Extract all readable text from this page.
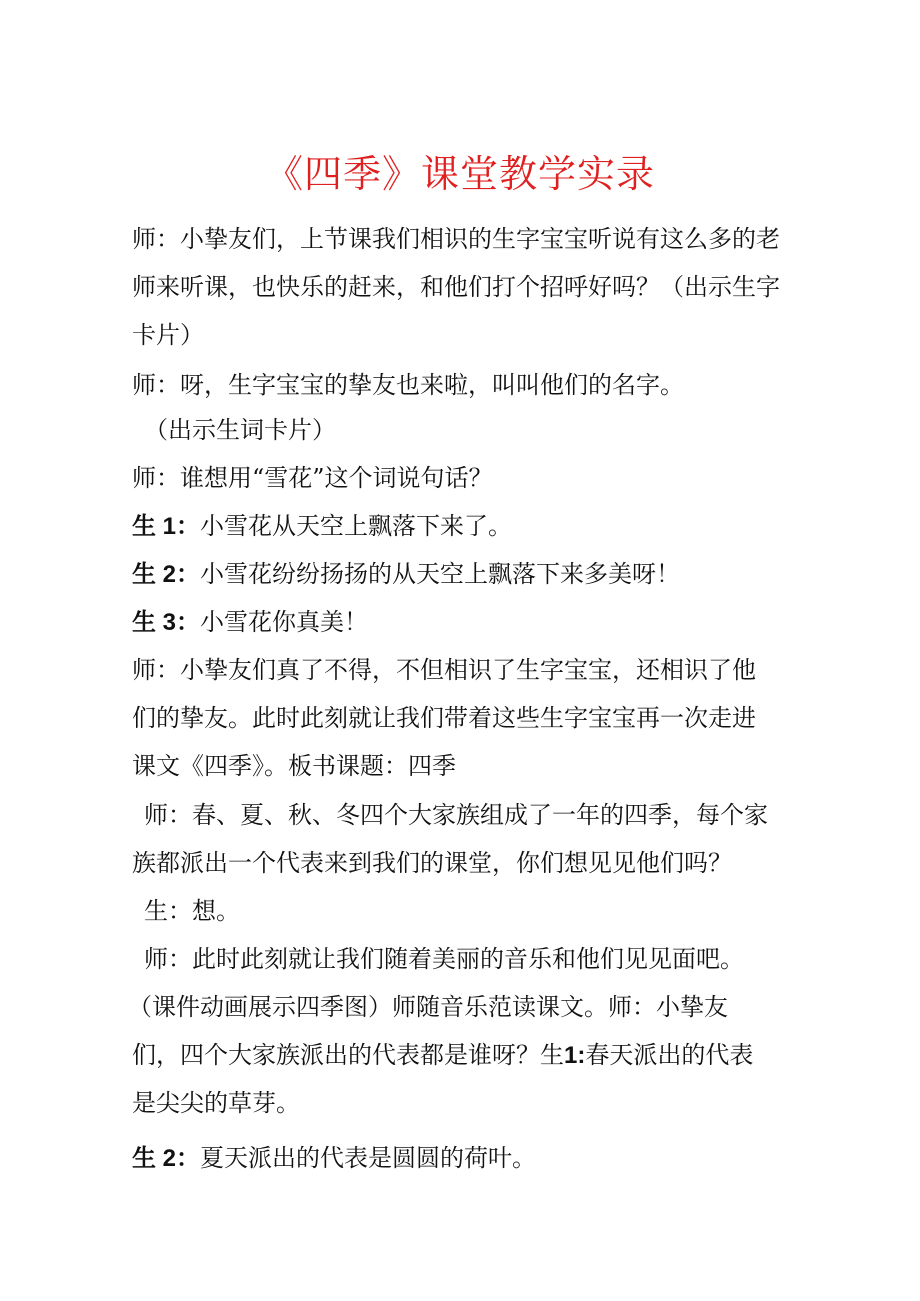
《四季》课堂教学实录
师：小挚友们，上节课我们相识的生字宝宝听说有这么多的老
师来听课，也快乐的赶来，和他们打个招呼好吗？（出示生字
卡片）
师：呀，生字宝宝的挚友也来啦，叫叫他们的名字。
（出示生词卡片）
师：谁想用“雪花”这个词说句话？
生 1：小雪花从天空上飘落下来了。
生 2：小雪花纷纷扬扬的从天空上飘落下来多美呀！
生 3：小雪花你真美！
师：小挚友们真了不得，不但相识了生字宝宝，还相识了他
们的挚友。此时此刻就让我们带着这些生字宝宝再一次走进
课文《四季》。板书课题：四季
师：春、夏、秋、冬四个大家族组成了一年的四季，每个家
族都派出一个代表来到我们的课堂，你们想见见他们吗？
生：想。
师：此时此刻就让我们随着美丽的音乐和他们见见面吧。
（课件动画展示四季图）师随音乐范读课文。师：小挚友
们，四个大家族派出的代表都是谁呀？生1:春天派出的代表
是尖尖的草芽。
生 2：夏天派出的代表是圆圆的荷叶。
